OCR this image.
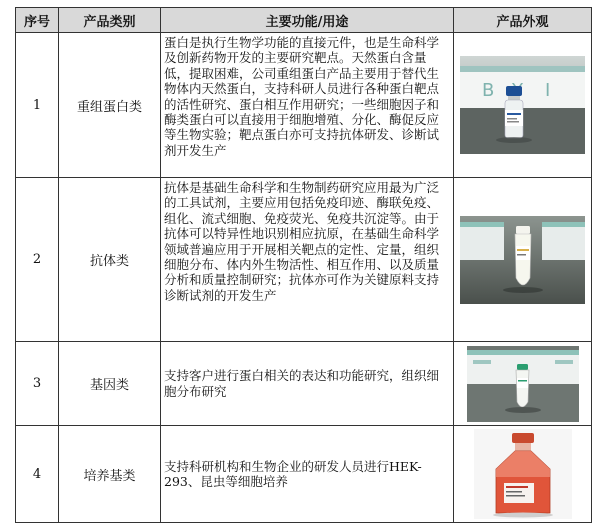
序号	产品类别	主要功能/用途	产品外观
1	重组蛋白类	蛋白是执行生物学功能的直接元件，也是生命科学及创新药物开发的主要研究靶点。天然蛋白含量低，提取困难，公司重组蛋白产品主要用于替代生物体内天然蛋白，支持科研人员进行各种蛋白靶点的活性研究、蛋白相互作用研究；一些细胞因子和酶类蛋白可以直接用于细胞增殖、分化、酶促反应等生物实验；靶点蛋白亦可支持抗体研发、诊断试剂开发生产	B I

2	抗体类	抗体是基础生命科学和生物制药研究应用最为广泛的工具试剂，主要应用包括免疫印迹、酶联免疫、组化、流式细胞、免疫荧光、免疫共沉淀等。由于抗体可以特异性地识别相应抗原，在基础生命科学领域普遍应用于开展相关靶点的定性、定量，组织细胞分布、体内外生物活性、相互作用、以及质量分析和质量控制研究；抗体亦可作为关键原料支持诊断试剂的开发生产	

3	基因类	支持客户进行蛋白相关的表达和功能研究，组织细胞分布研究	

4	培养基类	支持科研机构和生物企业的研发人员进行HEK-293、昆虫等细胞培养	
